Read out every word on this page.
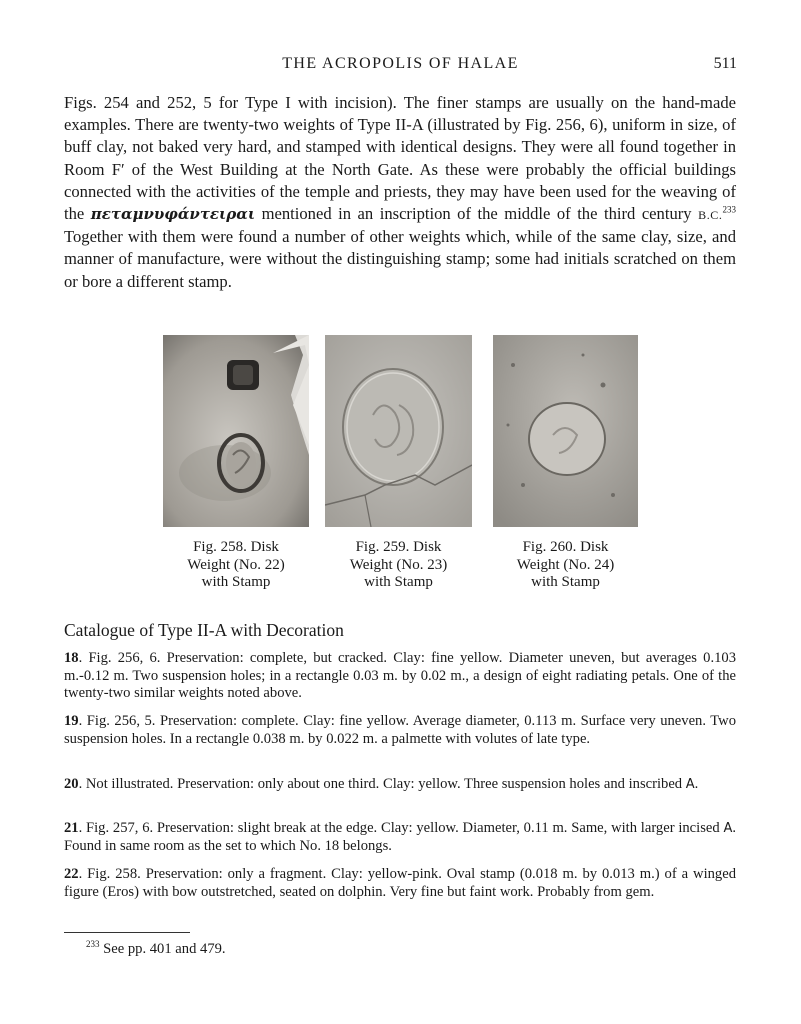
THE ACROPOLIS OF HALAE	511

Figs. 254 and 252, 5 for Type I with incision). The finer stamps are usually on the hand-made examples. There are twenty-two weights of Type II-A (illustrated by Fig. 256, 6), uniform in size, of buff clay, not baked very hard, and stamped with identical designs. They were all found together in Room F′ of the West Building at the North Gate. As these were probably the official buildings connected with the activities of the temple and priests, they may have been used for the weaving of the πεταμνυφάντειραι mentioned in an inscription of the middle of the third century B.C.$^{233}$ Together with them were found a number of other weights which, while of the same clay, size, and manner of manufacture, were without the distinguishing stamp; some had initials scratched on them or bore a different stamp.

Fig. 258. Disk
Weight (No. 22)
with Stamp
Fig. 259. Disk
Weight (No. 23)
with Stamp
Fig. 260. Disk
Weight (No. 24)
with Stamp
Catalogue of Type II-A with Decoration

18. Fig. 256, 6. Preservation: complete, but cracked. Clay: fine yellow. Diameter uneven, but averages 0.103 m.-0.12 m. Two suspension holes; in a rectangle 0.03 m. by 0.02 m., a design of eight radiating petals. One of the twenty-two similar weights noted above.

19. Fig. 256, 5. Preservation: complete. Clay: fine yellow. Average diameter, 0.113 m. Surface very uneven. Two suspension holes. In a rectangle 0.038 m. by 0.022 m. a palmette with volutes of late type.

20. Not illustrated. Preservation: only about one third. Clay: yellow. Three suspension holes and inscribed A.

21. Fig. 257, 6. Preservation: slight break at the edge. Clay: yellow. Diameter, 0.11 m. Same, with larger incised A. Found in same room as the set to which No. 18 belongs.

22. Fig. 258. Preservation: only a fragment. Clay: yellow-pink. Oval stamp (0.018 m. by 0.013 m.) of a winged figure (Eros) with bow outstretched, seated on dolphin. Very fine but faint work. Probably from gem.

$^{233}$ See pp. 401 and 479.
